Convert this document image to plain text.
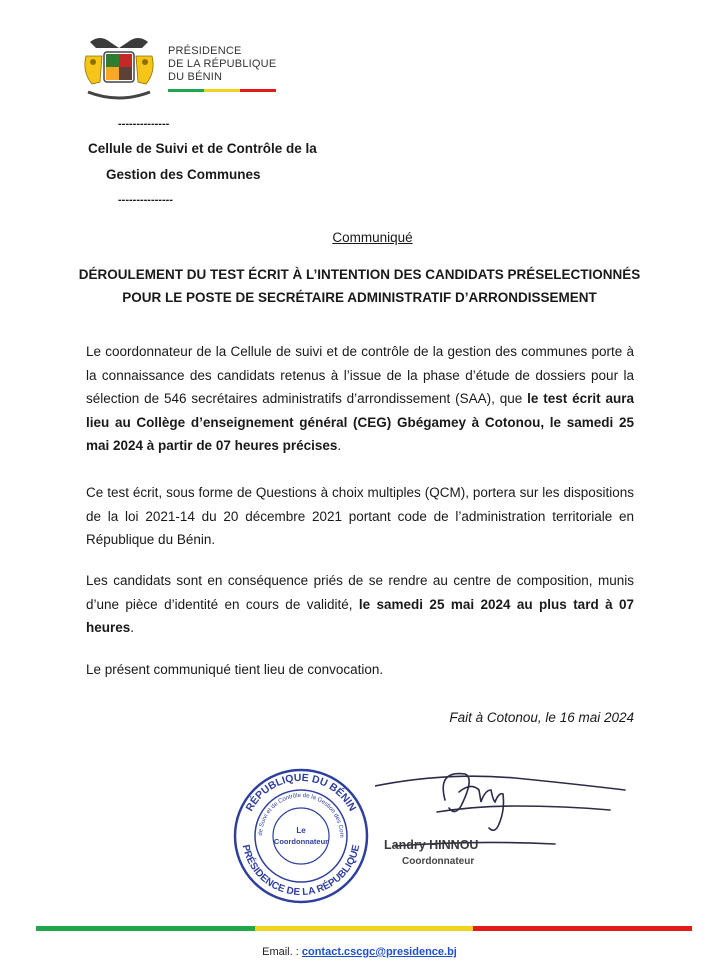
PRÉSIDENCE
DE LA RÉPUBLIQUE
DU BÉNIN
--------------
Cellule de Suivi et de Contrôle de la
Gestion des Communes
---------------
Communiqué
DÉROULEMENT DU TEST ÉCRIT À L’INTENTION DES CANDIDATS PRÉSELECTIONNÉS
POUR LE POSTE DE SECRÉTAIRE ADMINISTRATIF D’ARRONDISSEMENT
Le coordonnateur de la Cellule de suivi et de contrôle de la gestion des communes porte à la connaissance des candidats retenus à l’issue de la phase d’étude de dossiers pour la sélection de 546 secrétaires administratifs d’arrondissement (SAA), que le test écrit aura lieu au Collège d’enseignement général (CEG) Gbégamey à Cotonou, le samedi 25 mai 2024 à partir de 07 heures précises.
Ce test écrit, sous forme de Questions à choix multiples (QCM), portera sur les dispositions de la loi 2021-14 du 20 décembre 2021 portant code de l’administration territoriale en République du Bénin.
Les candidats sont en conséquence priés de se rendre au centre de composition, munis d’une pièce d’identité en cours de validité, le samedi 25 mai 2024 au plus tard à 07 heures.
Le présent communiqué tient lieu de convocation.
Fait à Cotonou, le 16 mai 2024
RÉPUBLIQUE DU BÉNIN
PRÉSIDENCE DE LA RÉPUBLIQUE
de Suivi et de Contrôle de la Gestion des Com
Le
Coordonnateur	Landry HINNOU
Coordonnateur
Email. : contact.cscgc@presidence.bj
